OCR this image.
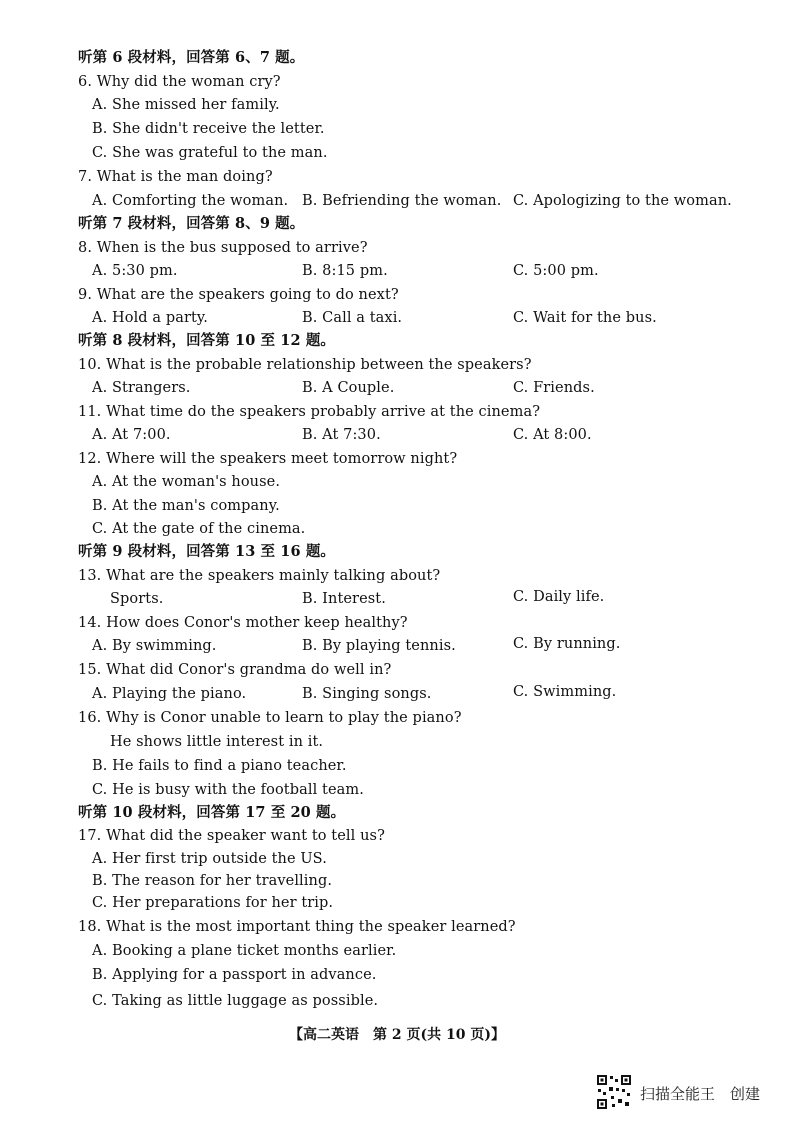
听第 6 段材料，回答第 6、7 题。
6. Why did the woman cry?
A. She missed her family.
B. She didn't receive the letter.
C. She was grateful to the man.
7. What is the man doing?
A. Comforting the woman. B. Befriending the woman. C. Apologizing to the woman.
听第 7 段材料，回答第 8、9 题。
8. When is the bus supposed to arrive?
A. 5:30 pm.	B. 8:15 pm.	C. 5:00 pm.
9. What are the speakers going to do next?
A. Hold a party.	B. Call a taxi.	C. Wait for the bus.
听第 8 段材料，回答第 10 至 12 题。
10. What is the probable relationship between the speakers?
A. Strangers.	B. A Couple.	C. Friends.
11. What time do the speakers probably arrive at the cinema?
A. At 7:00.	B. At 7:30.	C. At 8:00.
12. Where will the speakers meet tomorrow night?
A. At the woman's house.
B. At the man's company.
C. At the gate of the cinema.
听第 9 段材料，回答第 13 至 16 题。
13. What are the speakers mainly talking about?
Sports.	B. Interest.	C. Daily life.
14. How does Conor's mother keep healthy?
A. By swimming.	B. By playing tennis.	C. By running.
15. What did Conor's grandma do well in?
A. Playing the piano.	B. Singing songs.	C. Swimming.
16. Why is Conor unable to learn to play the piano?
He shows little interest in it.
B. He fails to find a piano teacher.
C. He is busy with the football team.
听第 10 段材料，回答第 17 至 20 题。
17. What did the speaker want to tell us?
A. Her first trip outside the US.
B. The reason for her travelling.
C. Her preparations for her trip.
18. What is the most important thing the speaker learned?
A. Booking a plane ticket months earlier.
B. Applying for a passport in advance.
C. Taking as little luggage as possible.
【高二英语　第 2 页(共 10 页)】
扫描全能王　创建
